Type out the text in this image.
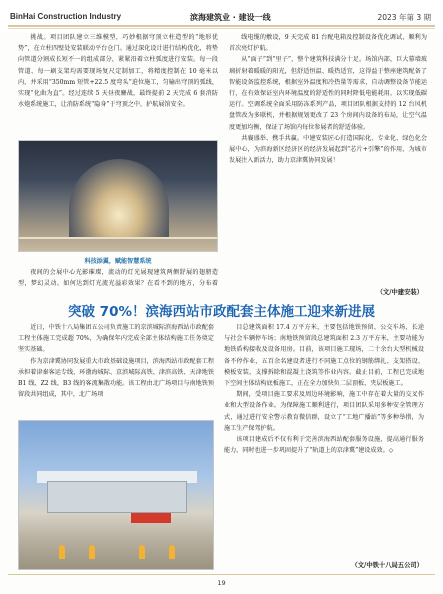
BinHai Construction Industry	滨海建筑业 · 建设一线	2023 年第 3 期

挑战。项目团队建立三维模型，巧妙根据穹顶立柱造型的“地形优势”，在立柱四壁处安装联动平台仓门。通过深化设计进行结构优化，将垫向管道分割成长短不一的组成部分，紧紧沿着立柱弧度进行安装。每一段管道、每一刷支架均需要现场复尺定制加工，将精度控制在 10 毫米以内，并采用“350mm 短管+22.5 度弯头”迫位施工，匀输出穹顶的弧线，实现“化曲为直”。经过连续 5 天昼夜鏖战，最终提前 2 天完成 6 套消防水炮系统施工，让消防系统“隐身”于穹顶之中，护航展馆安全。

科技添翼，赋能智慧系统

夜间的会展中心光影璀璨，流动的灯光展现建筑两侧舒展的翅膀造型，梦幻灵动。如何达到灯光流光溢彩效果？在看不到的地方，分布着

线电缆的敷设，9 天完成 81 台配电箱及控制设备优化调试，顺利为首次亮灯护航。

从“面子”到“里子”，整个建筑科技满分十足。场馆内部，巨大幕墙玻璃折射着暖暖的阳光，但舒适恒温、暖热适宜，这得益于整座建筑配备了智能设备监控系统，根据室外温度和冷热量等需求，自动调整设备节能运行，在有效保证室内环境温度的舒适性的同时降低电能耗用，以实现低碳运行。空调系统全面采用防冻系列产品，项目团队根据支持的 12 台风机盘管改为多联机，并根据规划更改了 23 个房间内设备的布局，让空气温度更加均衡，保证了场馆内每位参展者的舒适体验。

共襄盛举、携手共赢。中建安装匠心打造国际化、专业化、绿色化会展中心，为滨海新区经济区的经济发展起到“芯片+引擎”的作用，为城市发展注入新活力，助力京津冀协同发展！

（文/中建安装）
突破 70%！滨海西站市政配套主体施工迎来新进展

近日，中铁十八局集团五公司负责施工的京滨城际滨海西站市政配套工程主体施工完成超 70%，为确保年内完成全部主体结构施工任务奠定坚实基础。

作为京津冀协同发展重大市政基础设施项目，滨海西站市政配套工程承担着津秦客运专线、环渤海城际、京滨城际高铁、津滨高铁、天津地铁 B1 线、Z2 线、B3 线的客流集散功能。该工程由北广场项目与南地铁预留段共同组成，其中，北广场项

目总建筑面积 17.4 万平方米，主要包括地铁预留、公交车场、长途与社会车辆停车场；南地铁预留段总建筑面积 2.3 万平方米，主要功能为地铁盾构接收及设备用房。目前，该项目施工现场，二十余台大型机械设备不停作业，五百余名建设者进行不同施工点位的钢筋绑扎、支架搭设、模板安装、支撑拆除和混凝土浇筑等作业内容。截止目前，工程已完成地下空间主体结构底板施工，正在全力加快负二层顶板、夹层板施工。

期间，受项目施工要求及周边环境影响，施工中存在着大量的交叉作业和大型设备作业。为保障施工顺利进行，项目团队采用多种安全管理方式，通过进行安全警示教育微信群，设立了“工地广播站”等多种举措，为施工生产保驾护航。

该项目建成后不仅有利于完善滨海西站配套服务设施，提高通行服务能力，同时也进一步巩固提升了“轨道上的京津冀”建设成效。◇

（文/中铁十八局五公司）
19
